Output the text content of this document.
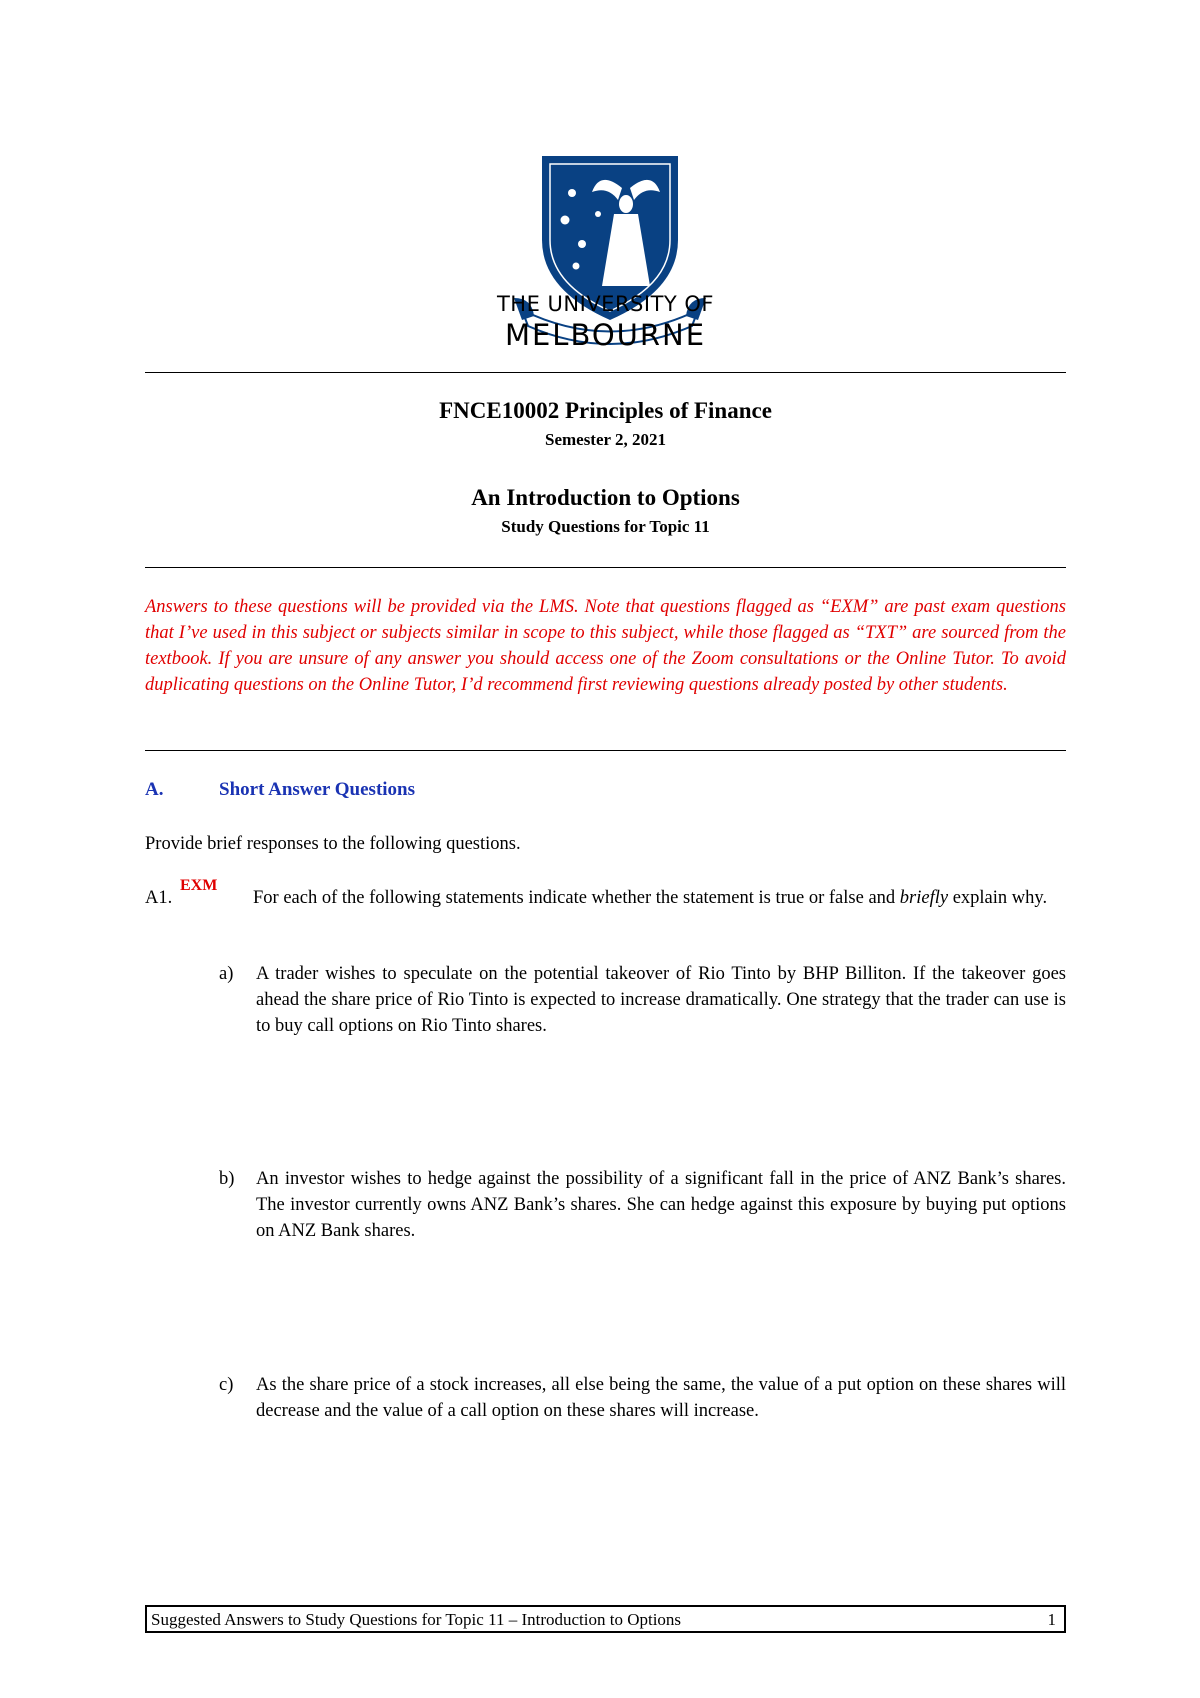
THE UNIVERSITY OF
MELBOURNE
FNCE10002 Principles of Finance
Semester 2, 2021
An Introduction to Options
Study Questions for Topic 11
Answers to these questions will be provided via the LMS. Note that questions flagged as “EXM” are past exam questions that I’ve used in this subject or subjects similar in scope to this subject, while those flagged as “TXT” are sourced from the textbook. If you are unsure of any answer you should access one of the Zoom consultations or the Online Tutor. To avoid duplicating questions on the Online Tutor, I’d recommend first reviewing questions already posted by other students.
A.	Short Answer Questions
Provide brief responses to the following questions.
A1.
EXM
For each of the following statements indicate whether the statement is true or false and briefly explain why.
a) A trader wishes to speculate on the potential takeover of Rio Tinto by BHP Billiton. If the takeover goes ahead the share price of Rio Tinto is expected to increase dramatically. One strategy that the trader can use is to buy call options on Rio Tinto shares.
b) An investor wishes to hedge against the possibility of a significant fall in the price of ANZ Bank’s shares. The investor currently owns ANZ Bank’s shares. She can hedge against this exposure by buying put options on ANZ Bank shares.
c) As the share price of a stock increases, all else being the same, the value of a put option on these shares will decrease and the value of a call option on these shares will increase.
Suggested Answers to Study Questions for Topic 11 – Introduction to Options	1
